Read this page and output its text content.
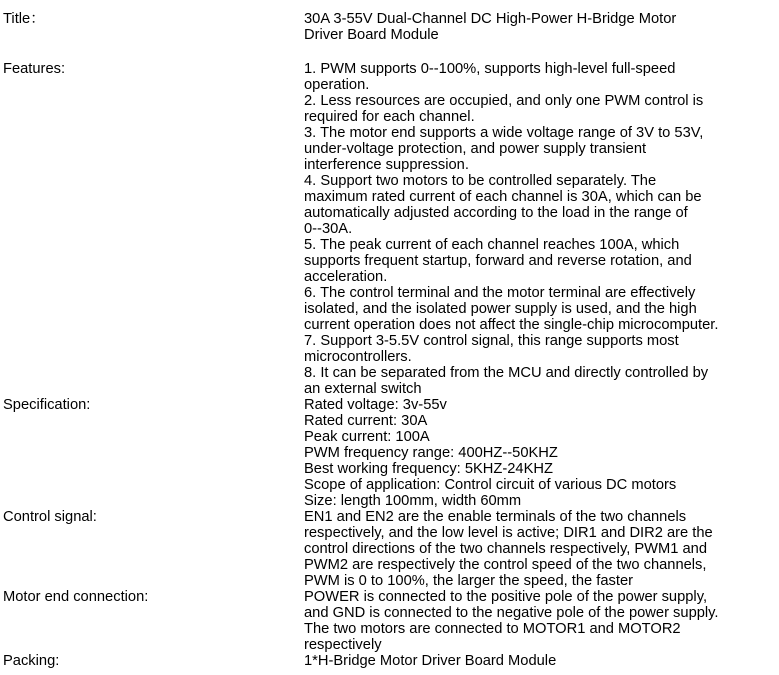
Title：	30A 3-55V Dual-Channel DC High-Power H-Bridge Motor
Driver Board Module
Features:	1. PWM supports 0--100%, supports high-level full-speed
operation.
2. Less resources are occupied, and only one PWM control is
required for each channel.
3. The motor end supports a wide voltage range of 3V to 53V,
under-voltage protection, and power supply transient
interference suppression.
4. Support two motors to be controlled separately. The
maximum rated current of each channel is 30A, which can be
automatically adjusted according to the load in the range of
0--30A.
5. The peak current of each channel reaches 100A, which
supports frequent startup, forward and reverse rotation, and
acceleration.
6. The control terminal and the motor terminal are effectively
isolated, and the isolated power supply is used, and the high
current operation does not affect the single-chip microcomputer.
7. Support 3-5.5V control signal, this range supports most
microcontrollers.
8. It can be separated from the MCU and directly controlled by
an external switch
Specification:	Rated voltage: 3v-55v
Rated current: 30A
Peak current: 100A
PWM frequency range: 400HZ--50KHZ
Best working frequency: 5KHZ-24KHZ
Scope of application: Control circuit of various DC motors
Size: length 100mm, width 60mm
Control signal:	EN1 and EN2 are the enable terminals of the two channels
respectively, and the low level is active; DIR1 and DIR2 are the
control directions of the two channels respectively, PWM1 and
PWM2 are respectively the control speed of the two channels,
PWM is 0 to 100%, the larger the speed, the faster
Motor end connection:	POWER is connected to the positive pole of the power supply,
and GND is connected to the negative pole of the power supply.
The two motors are connected to MOTOR1 and MOTOR2
respectively
Packing:	1*H-Bridge Motor Driver Board Module
